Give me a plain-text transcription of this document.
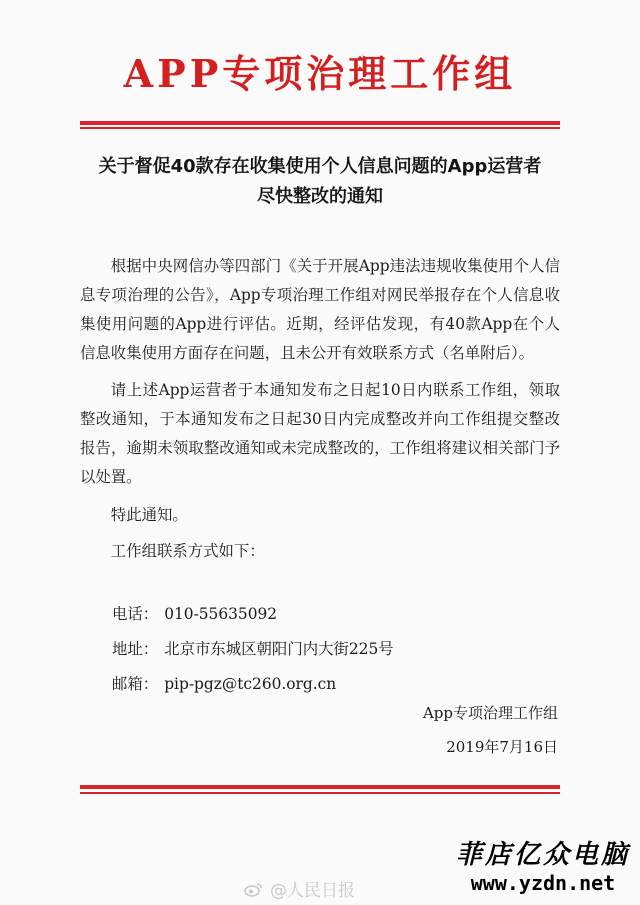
APP专项治理工作组
关于督促40款存在收集使用个人信息问题的App运营者
尽快整改的通知

根据中央网信办等四部门《关于开展App违法违规收集使用个人信息专项治理的公告》，App专项治理工作组对网民举报存在个人信息收集使用问题的App进行评估。近期，经评估发现，有40款App在个人信息收集使用方面存在问题，且未公开有效联系方式（名单附后）。

请上述App运营者于本通知发布之日起10日内联系工作组，领取整改通知，于本通知发布之日起30日内完成整改并向工作组提交整改报告，逾期未领取整改通知或未完成整改的，工作组将建议相关部门予以处置。

特此通知。

工作组联系方式如下：

电话： 010-55635092
地址： 北京市东城区朝阳门内大街225号
邮箱： pip-pgz@tc260.org.cn
App专项治理工作组
2019年7月16日
@人民日报
菲店亿众电脑
www.yzdn.net
